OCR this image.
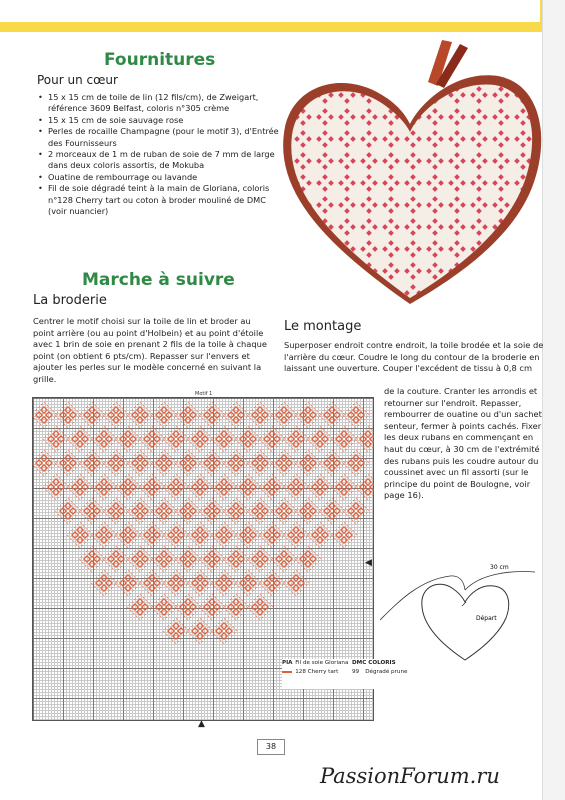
Fournitures
Pour un cœur
• 15 x 15 cm de toile de lin (12 fils/cm), de Zweigart, référence 3609 Belfast, coloris n°305 crème
• 15 x 15 cm de soie sauvage rose
• Perles de rocaille Champagne (pour le motif 3), d'Entrée des Fournisseurs
• 2 morceaux de 1 m de ruban de soie de 7 mm de large dans deux coloris assortis, de Mokuba
• Ouatine de rembourrage ou lavande
• Fil de soie dégradé teint à la main de Gloriana, coloris n°128 Cherry tart ou coton à broder mouliné de DMC (voir nuancier)
Marche à suivre
La broderie

Centrer le motif choisi sur la toile de lin et broder au point arrière (ou au point d'Holbein) et au point d'étoile avec 1 brin de soie en prenant 2 fils de la toile à chaque point (on obtient 6 pts/cm). Repasser sur l'envers et ajouter les perles sur le modèle concerné en suivant la grille.

Le montage

Superposer endroit contre endroit, la toile brodée et la soie de l'arrière du cœur. Coudre le long du contour de la broderie en laissant une ouverture. Couper l'excédent de tissu à 0,8 cm

de la couture. Cranter les arrondis et retourner sur l'endroit. Repasser, rembourrer de ouatine ou d'un sachet senteur, fermer à points cachés. Fixer les deux rubans en commençant en haut du cœur, à 30 cm de l'extrémité des rubans puis les coudre autour du coussinet avec un fil assorti (sur le principe du point de Boulogne, voir page 16).

Motif 1
▲
◀
PIA Fil de soie Gloriana DMC COLORIS
128 Cherry tart	99	Dégradé prune
30 cm
Départ
38
PassionForum.ru
